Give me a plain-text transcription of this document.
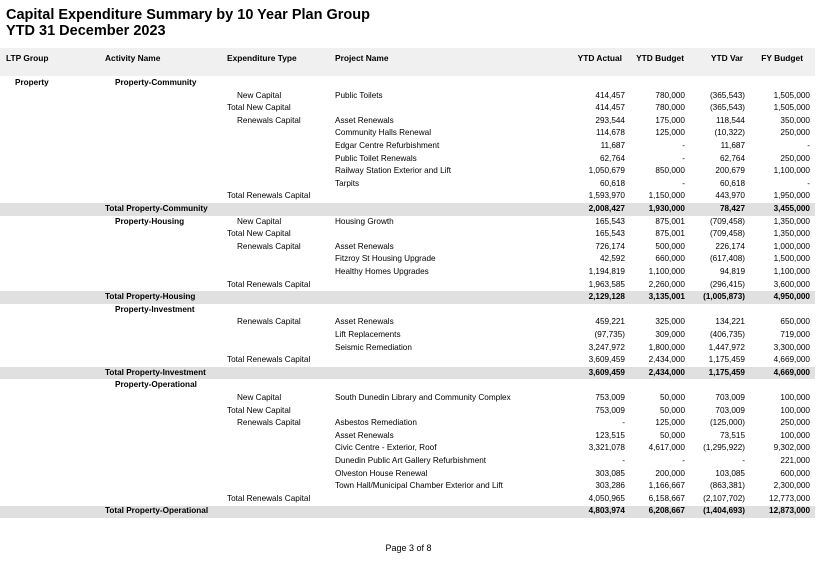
Capital Expenditure Summary by 10 Year Plan Group
YTD 31 December 2023
LTP Group	Activity Name	Expenditure Type	Project Name	YTD Actual	YTD Budget	YTD Var	FY Budget
Property	Property-Community
New Capital	Public Toilets	414,457	780,000	(365,543)	1,505,000
Total New Capital	414,457	780,000	(365,543)	1,505,000
Renewals Capital	Asset Renewals	293,544	175,000	118,544	350,000
Community Halls Renewal	114,678	125,000	(10,322)	250,000
Edgar Centre Refurbishment	11,687	-	11,687	-
Public Toilet Renewals	62,764	-	62,764	250,000
Railway Station Exterior and Lift	1,050,679	850,000	200,679	1,100,000
Tarpits	60,618	-	60,618	-
Total Renewals Capital	1,593,970	1,150,000	443,970	1,950,000
Total Property-Community	2,008,427	1,930,000	78,427	3,455,000
Property-Housing	New Capital	Housing Growth	165,543	875,001	(709,458)	1,350,000
Total New Capital	165,543	875,001	(709,458)	1,350,000
Renewals Capital	Asset Renewals	726,174	500,000	226,174	1,000,000
Fitzroy St Housing Upgrade	42,592	660,000	(617,408)	1,500,000
Healthy Homes Upgrades	1,194,819	1,100,000	94,819	1,100,000
Total Renewals Capital	1,963,585	2,260,000	(296,415)	3,600,000
Total Property-Housing	2,129,128	3,135,001	(1,005,873)	4,950,000
Property-Investment
Renewals Capital	Asset Renewals	459,221	325,000	134,221	650,000
Lift Replacements	(97,735)	309,000	(406,735)	719,000
Seismic Remediation	3,247,972	1,800,000	1,447,972	3,300,000
Total Renewals Capital	3,609,459	2,434,000	1,175,459	4,669,000
Total Property-Investment	3,609,459	2,434,000	1,175,459	4,669,000
Property-Operational
New Capital	South Dunedin Library and Community Complex	753,009	50,000	703,009	100,000
Total New Capital	753,009	50,000	703,009	100,000
Renewals Capital	Asbestos Remediation	-	125,000	(125,000)	250,000
Asset Renewals	123,515	50,000	73,515	100,000
Civic Centre - Exterior, Roof	3,321,078	4,617,000	(1,295,922)	9,302,000
Dunedin Public Art Gallery Refurbishment	-	-	-	221,000
Olveston House Renewal	303,085	200,000	103,085	600,000
Town Hall/Municipal Chamber Exterior and Lift	303,286	1,166,667	(863,381)	2,300,000
Total Renewals Capital	4,050,965	6,158,667	(2,107,702)	12,773,000
Total Property-Operational	4,803,974	6,208,667	(1,404,693)	12,873,000
Page 3 of 8
